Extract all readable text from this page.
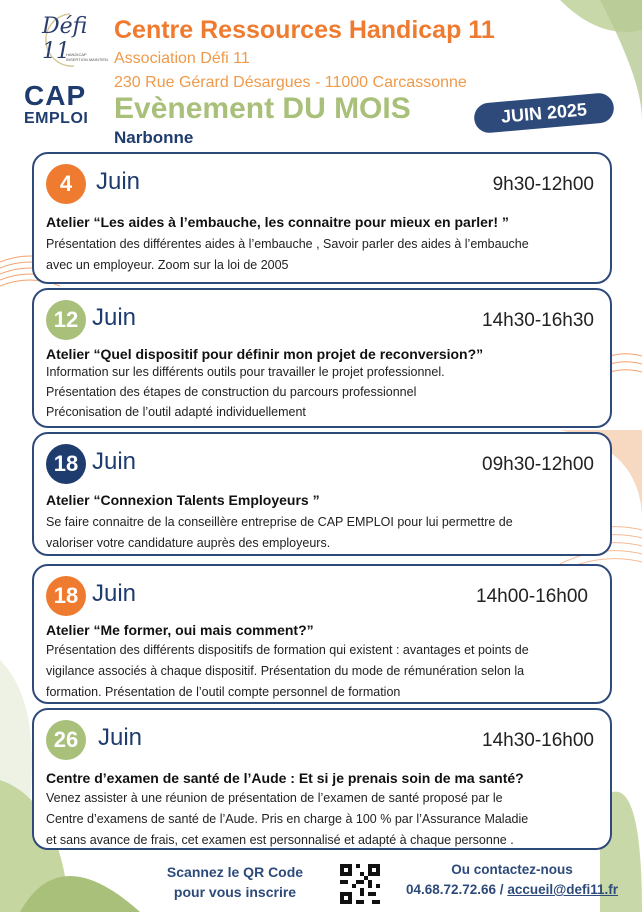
Défi 11
HANDICAP INSERTION MAINTIEN
CAP
EMPLOI
Centre Ressources Handicap 11
Association Défi 11
230 Rue Gérard Désargues - 11000 Carcassonne
Evènement DU MOIS
Narbonne
JUIN 2025
4 Juin	9h30-12h00
Atelier “Les aides à l’embauche, les connaitre pour mieux en parler! ”
Présentation des différentes aides à l’embauche , Savoir parler des aides à l’embauche
avec un employeur. Zoom sur la loi de 2005
12 Juin	14h30-16h30
Atelier “Quel dispositif pour définir mon projet de reconversion?”
Information sur les différents outils pour travailler le projet professionnel.
Présentation des étapes de construction du parcours professionnel
Préconisation de l’outil adapté individuellement
18 Juin	09h30-12h00
Atelier “Connexion Talents Employeurs ”
Se faire connaitre de la conseillère entreprise de CAP EMPLOI pour lui permettre de
valoriser votre candidature auprès des employeurs.
18 Juin	14h00-16h00
Atelier “Me former, oui mais comment?”
Présentation des différents dispositifs de formation qui existent : avantages et points de
vigilance associés à chaque dispositif. Présentation du mode de rémunération selon la
formation. Présentation de l’outil compte personnel de formation
26 Juin	14h30-16h00
Centre d’examen de santé de l’Aude : Et si je prenais soin de ma santé?
Venez assister à une réunion de présentation de l’examen de santé proposé par le
Centre d’examens de santé de l’Aude. Pris en charge à 100 % par l’Assurance Maladie
et sans avance de frais, cet examen est personnalisé et adapté à chaque personne .
Scannez le QR Code
pour vous inscrire
Ou contactez-nous
04.68.72.72.66 / accueil@defi11.fr
